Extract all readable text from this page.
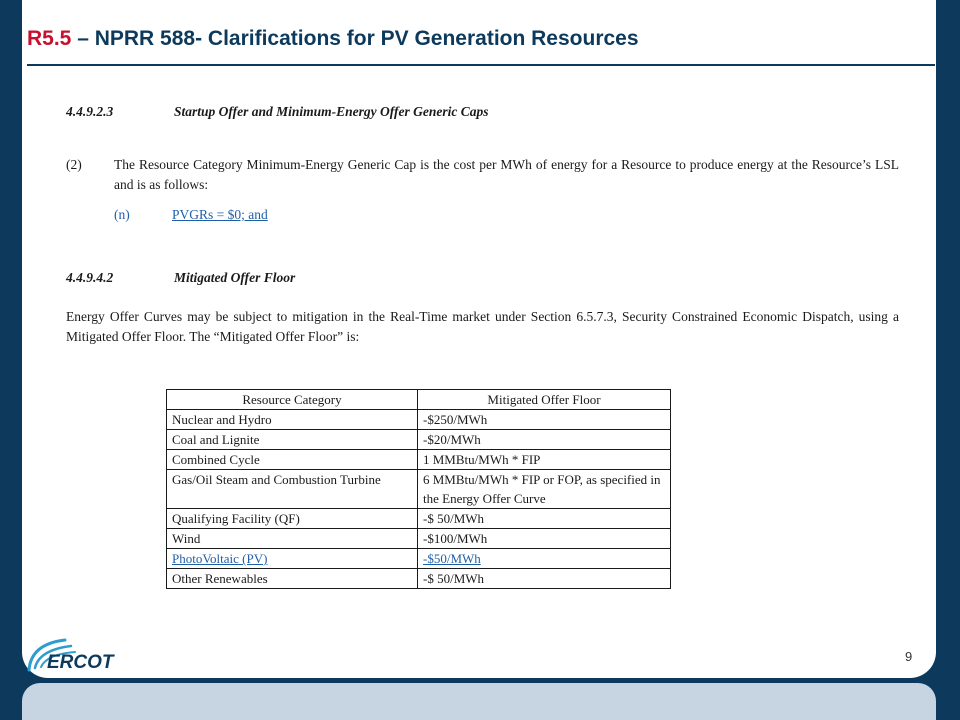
R5.5 – NPRR 588- Clarifications for PV Generation Resources
4.4.9.2.3	Startup Offer and Minimum-Energy Offer Generic Caps
(2) The Resource Category Minimum-Energy Generic Cap is the cost per MWh of energy for a Resource to produce energy at the Resource’s LSL and is as follows:
(n)	PVGRs = $0; and
4.4.9.4.2	Mitigated Offer Floor
Energy Offer Curves may be subject to mitigation in the Real-Time market under Section 6.5.7.3, Security Constrained Economic Dispatch, using a Mitigated Offer Floor. The “Mitigated Offer Floor” is:
Resource Category	Mitigated Offer Floor
Nuclear and Hydro	-$250/MWh
Coal and Lignite	-$20/MWh
Combined Cycle	1 MMBtu/MWh * FIP
Gas/Oil Steam and Combustion Turbine	6 MMBtu/MWh * FIP or FOP, as specified in the Energy Offer Curve
Qualifying Facility (QF)	-$ 50/MWh
Wind	-$100/MWh
PhotoVoltaic (PV)	-$50/MWh
Other Renewables	-$ 50/MWh
ERCOT	9
